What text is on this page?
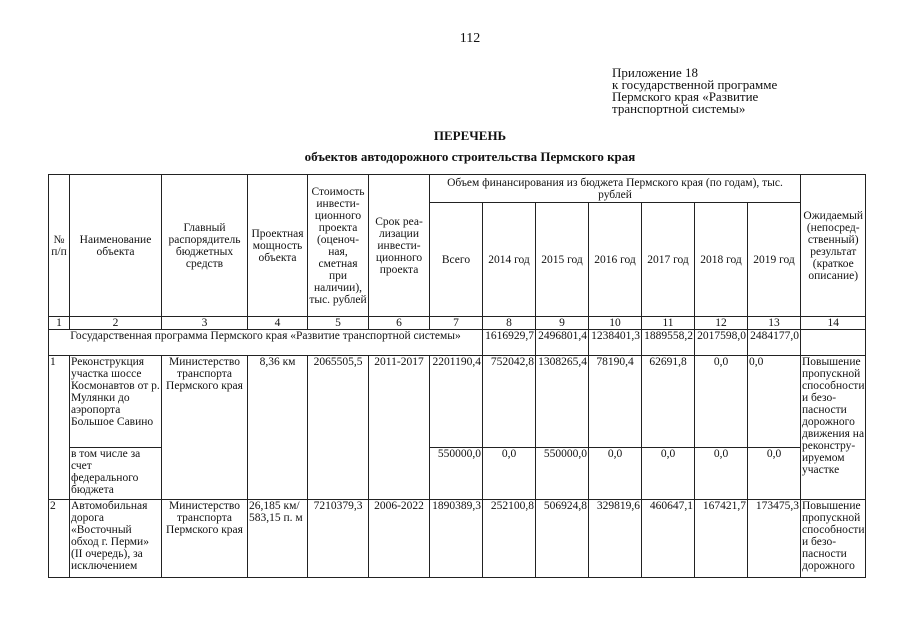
112
Приложение 18
к государственной программе
Пермского края «Развитие
транспортной системы»
ПЕРЕЧЕНЬ
объектов автодорожного строительства Пермского края
№ п/п	Наименование объекта	Главный распорядитель бюджетных средств	Проектная мощность объекта	Стоимость инвести-ционного проекта (оценоч-ная, сметная при наличии), тыс. рублей	Срок реа-лизации инвести-ционного проекта	Объем финансирования из бюджета Пермского края (по годам), тыс. рублей							Ожидаемый (непосред-ственный) результат (краткое описание)
						Всего	2014 год	2015 год	2016 год	2017 год	2018 год	2019 год	
1	2	3	4	5	6	7	8	9	10	11	12	13	14
Государственная программа Пермского края «Развитие транспортной системы»							1616929,7	2496801,4	1238401,3	1889558,2	2017598,0	2484177,0	
1	Реконструкция участка шоссе Космонавтов от р. Мулянки до аэропорта Большое Савино	Министерство транспорта Пермского края	8,36 км	2065505,5	2011-2017	2201190,4	752042,8	1308265,4	78190,4	62691,8	0,0	0,0	Повышение пропускной способности и безо-пасности дорожного движения на реконстру-ируемом участке
	в том числе за счет федерального бюджета					550000,0	0,0	550000,0	0,0	0,0	0,0	0,0	
2	Автомобильная дорога «Восточный обход г. Перми» (II очередь), за исключением	Министерство транспорта Пермского края	26,185 км/ 583,15 п. м	7210379,3	2006-2022	1890389,3	252100,8	506924,8	329819,6	460647,1	167421,7	173475,3	Повышение пропускной способности и безо-пасности дорожного
